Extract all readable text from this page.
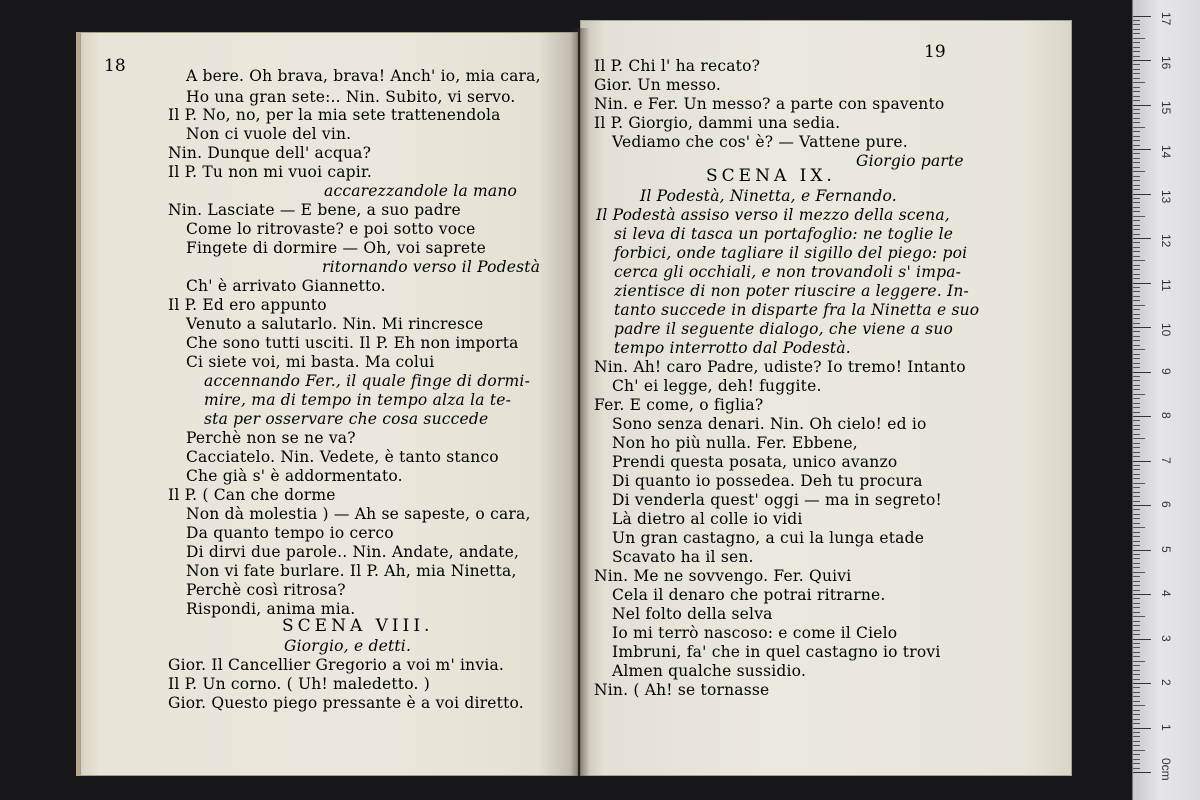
18
19
A bere. Oh brava, brava! Anch' io, mia cara,
Ho una gran sete:.. Nin. Subito, vi servo.
Il P. No, no, per la mia sete trattenendola
Non ci vuole del vin.
Nin. Dunque dell' acqua?
Il P. Tu non mi vuoi capir.
accarezzandole la mano
Nin. Lasciate — E bene, a suo padre
Come lo ritrovaste? e poi sotto voce
Fingete di dormire — Oh, voi saprete
ritornando verso il Podestà
Ch' è arrivato Giannetto.
Il P. Ed ero appunto
Venuto a salutarlo. Nin. Mi rincresce
Che sono tutti usciti. Il P. Eh non importa
Ci siete voi, mi basta. Ma colui
accennando Fer., il quale finge di dormi-
mire, ma di tempo in tempo alza la te-
sta per osservare che cosa succede
Perchè non se ne va?
Cacciatelo. Nin. Vedete, è tanto stanco
Che già s' è addormentato.
Il P. ( Can che dorme
Non dà molestia ) — Ah se sapeste, o cara,
Da quanto tempo io cerco
Di dirvi due parole.. Nin. Andate, andate,
Non vi fate burlare. Il P. Ah, mia Ninetta,
Perchè così ritrosa?
Rispondi, anima mia.
SCENA VIII.
Giorgio, e detti.
Gior. Il Cancellier Gregorio a voi m' invia.
Il P. Un corno. ( Uh! maledetto. )
Gior. Questo piego pressante è a voi diretto.
Il P. Chi l' ha recato?
Gior. Un messo.
Nin. e Fer. Un messo? a parte con spavento
Il P. Giorgio, dammi una sedia.
Vediamo che cos' è? — Vattene pure.
Giorgio parte
SCENA IX.
Il Podestà, Ninetta, e Fernando.
Il Podestà assiso verso il mezzo della scena,
si leva di tasca un portafoglio: ne toglie le
forbici, onde tagliare il sigillo del piego: poi
cerca gli occhiali, e non trovandoli s' impa-
zientisce di non poter riuscire a leggere. In-
tanto succede in disparte fra la Ninetta e suo
padre il seguente dialogo, che viene a suo
tempo interrotto dal Podestà.
Nin. Ah! caro Padre, udiste? Io tremo! Intanto
Ch' ei legge, deh! fuggite.
Fer. E come, o figlia?
Sono senza denari. Nin. Oh cielo! ed io
Non ho più nulla. Fer. Ebbene,
Prendi questa posata, unico avanzo
Di quanto io possedea. Deh tu procura
Di venderla quest' oggi — ma in segreto!
Là dietro al colle io vidi
Un gran castagno, a cui la lunga etade
Scavato ha il sen.
Nin. Me ne sovvengo. Fer. Quivi
Cela il denaro che potrai ritrarne.
Nel folto della selva
Io mi terrò nascoso: e come il Cielo
Imbruni, fa' che in quel castagno io trovi
Almen qualche sussidio.
Nin. ( Ah! se tornasse
0cm
1
2
3
4
5
6
7
8
9
10
11
12
13
14
15
16
17
